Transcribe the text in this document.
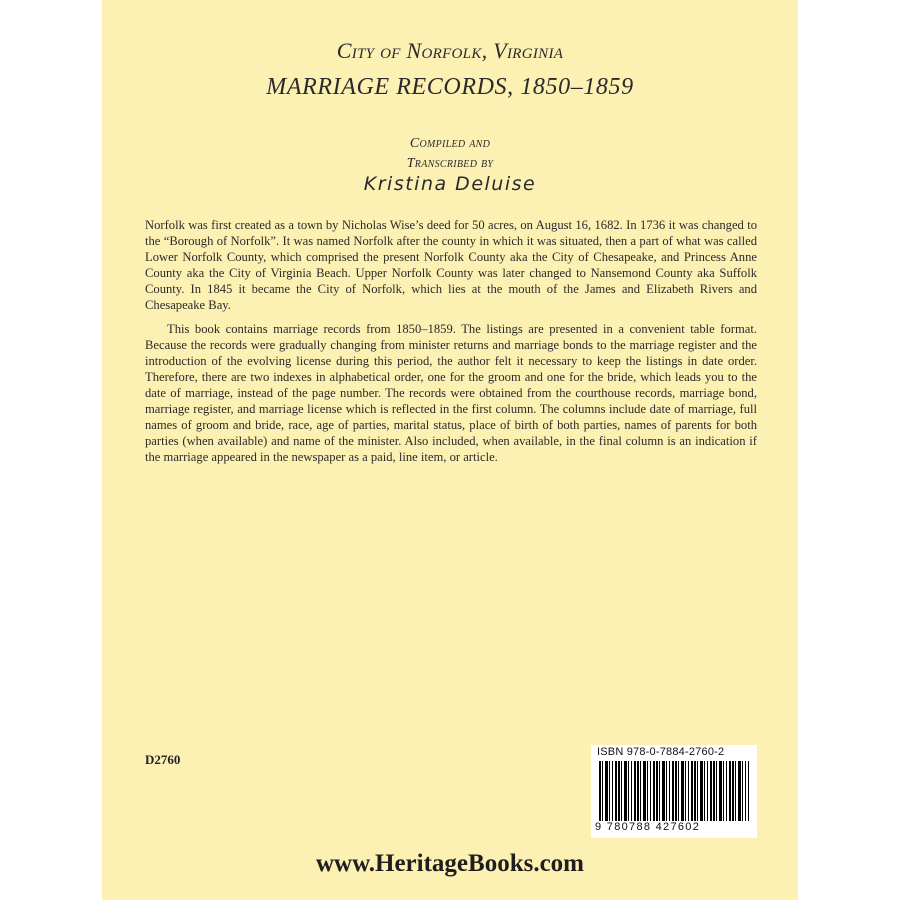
City of Norfolk, Virginia
MARRIAGE RECORDS, 1850–1859
Compiled and
Transcribed by
Kristina Deluise

Norfolk was first created as a town by Nicholas Wise’s deed for 50 acres, on August 16, 1682. In 1736 it was changed to the “Borough of Norfolk”. It was named Norfolk after the county in which it was situated, then a part of what was called Lower Norfolk County, which comprised the present Norfolk County aka the City of Chesapeake, and Princess Anne County aka the City of Virginia Beach. Upper Norfolk County was later changed to Nansemond County aka Suffolk County. In 1845 it became the City of Norfolk, which lies at the mouth of the James and Elizabeth Rivers and Chesapeake Bay.

This book contains marriage records from 1850–1859. The listings are presented in a convenient table format. Because the records were gradually changing from minister returns and marriage bonds to the marriage register and the introduction of the evolving license during this period, the author felt it necessary to keep the listings in date order. Therefore, there are two indexes in alphabetical order, one for the groom and one for the bride, which leads you to the date of marriage, instead of the page number. The records were obtained from the courthouse records, marriage bond, marriage register, and marriage license which is reflected in the first column. The columns include date of marriage, full names of groom and bride, race, age of parties, marital status, place of birth of both parties, names of parents for both parties (when available) and name of the minister. Also included, when available, in the final column is an indication if the marriage appeared in the newspaper as a paid, line item, or article.

D2760	ISBN 978-0-7884-2760-2
9 780788 427602
www.HeritageBooks.com
